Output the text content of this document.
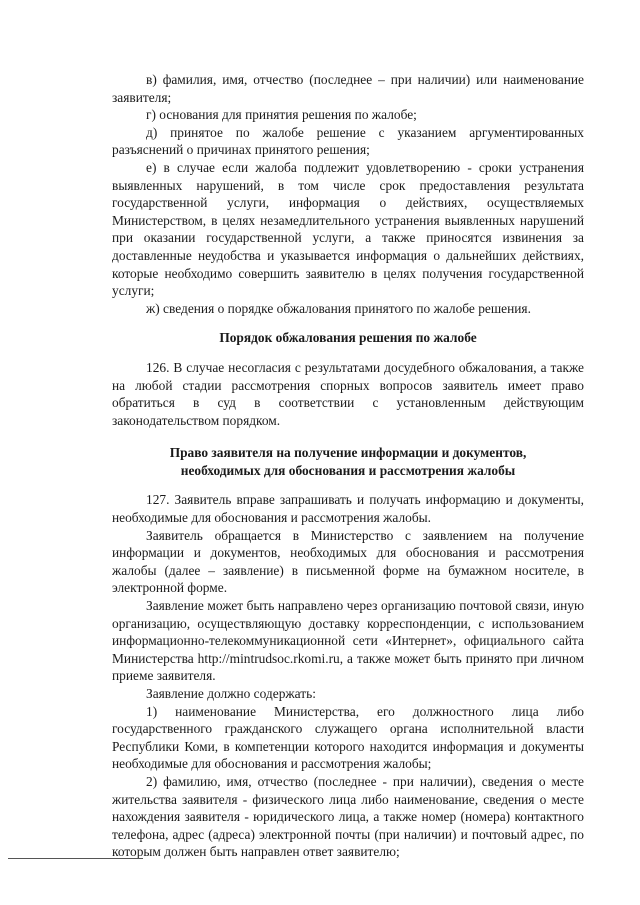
в) фамилия, имя, отчество (последнее – при наличии) или наименование заявителя;

г) основания для принятия решения по жалобе;

д) принятое по жалобе решение с указанием аргументированных разъяснений о причинах принятого решения;

е) в случае если жалоба подлежит удовлетворению - сроки устранения выявленных нарушений, в том числе срок предоставления результата государственной услуги, информация о действиях, осуществляемых Министерством, в целях незамедлительного устранения выявленных нарушений при оказании государственной услуги, а также приносятся извинения за доставленные неудобства и указывается информация о дальнейших действиях, которые необходимо совершить заявителю в целях получения государственной услуги;

ж) сведения о порядке обжалования принятого по жалобе решения.

Порядок обжалования решения по жалобе

126. В случае несогласия с результатами досудебного обжалования, а также на любой стадии рассмотрения спорных вопросов заявитель имеет право обратиться в суд в соответствии с установленным действующим законодательством порядком.

Право заявителя на получение информации и документов,

необходимых для обоснования и рассмотрения жалобы

127. Заявитель вправе запрашивать и получать информацию и документы, необходимые для обоснования и рассмотрения жалобы.

Заявитель обращается в Министерство с заявлением на получение информации и документов, необходимых для обоснования и рассмотрения жалобы (далее – заявление) в письменной форме на бумажном носителе, в электронной форме.

Заявление может быть направлено через организацию почтовой связи, иную организацию, осуществляющую доставку корреспонденции, с использованием информационно-телекоммуникационной сети «Интернет», официального сайта Министерства http://mintrudsoc.rkomi.ru, а также может быть принято при личном приеме заявителя.

Заявление должно содержать:

1) наименование Министерства, его должностного лица либо государственного гражданского служащего органа исполнительной власти Республики Коми, в компетенции которого находится информация и документы необходимые для обоснования и рассмотрения жалобы;

2) фамилию, имя, отчество (последнее - при наличии), сведения о месте жительства заявителя - физического лица либо наименование, сведения о месте нахождения заявителя - юридического лица, а также номер (номера) контактного телефона, адрес (адреса) электронной почты (при наличии) и почтовый адрес, по которым должен быть направлен ответ заявителю;
